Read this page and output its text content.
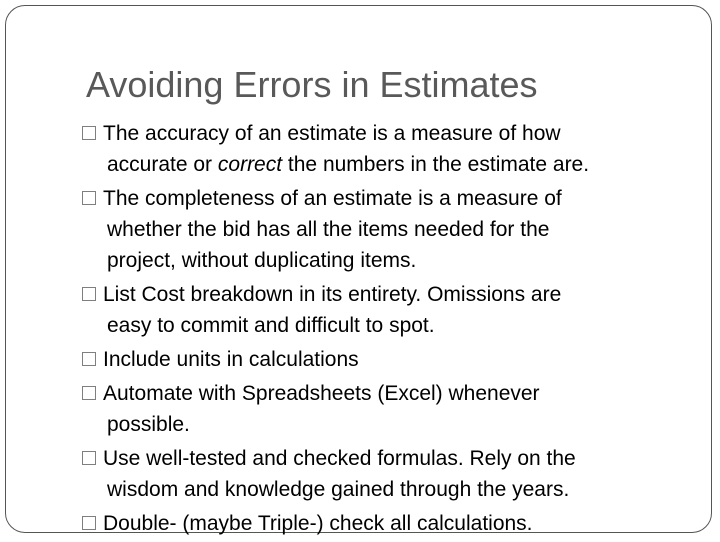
Avoiding Errors in Estimates
The accuracy of an estimate is a measure of how
accurate or correct the numbers in the estimate are.
The completeness of an estimate is a measure of
whether the bid has all the items needed for the
project, without duplicating items.
List Cost breakdown in its entirety. Omissions are
easy to commit and difficult to spot.
Include units in calculations
Automate with Spreadsheets (Excel) whenever
possible.
Use well-tested and checked formulas. Rely on the
wisdom and knowledge gained through the years.
Double- (maybe Triple-) check all calculations.
